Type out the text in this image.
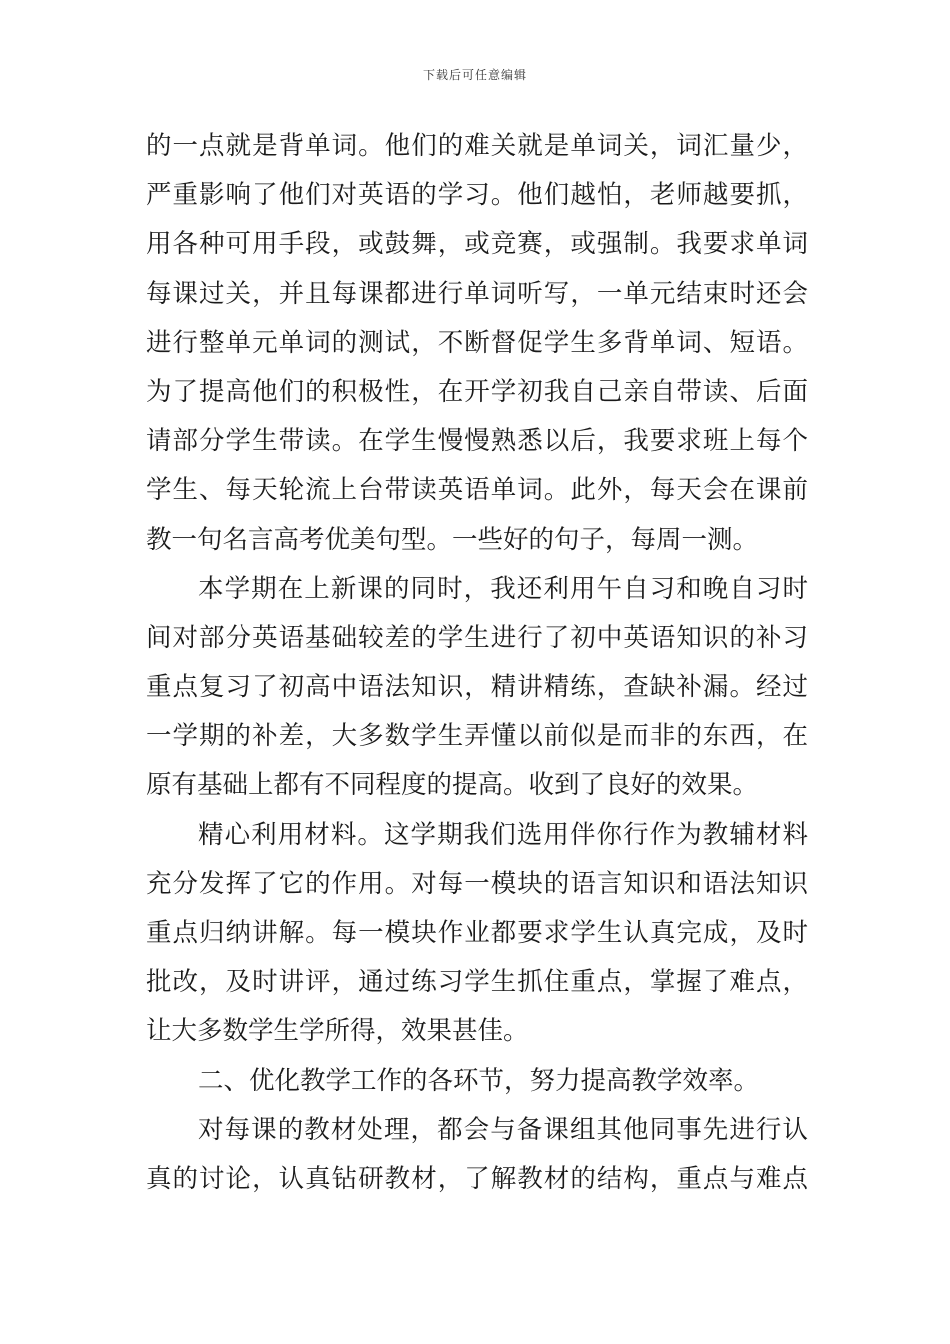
下载后可任意编辑
的一点就是背单词。他们的难关就是单词关，词汇量少，
严重影响了他们对英语的学习。他们越怕，老师越要抓，
用各种可用手段，或鼓舞，或竞赛，或强制。我要求单词
每课过关，并且每课都进行单词听写，一单元结束时还会
进行整单元单词的测试，不断督促学生多背单词、短语。
为了提高他们的积极性，在开学初我自己亲自带读、后面
请部分学生带读。在学生慢慢熟悉以后，我要求班上每个
学生、每天轮流上台带读英语单词。此外，每天会在课前
教一句名言高考优美句型。一些好的句子，每周一测。
本学期在上新课的同时，我还利用午自习和晚自习时
间对部分英语基础较差的学生进行了初中英语知识的补习
重点复习了初高中语法知识，精讲精练，查缺补漏。经过
一学期的补差，大多数学生弄懂以前似是而非的东西，在
原有基础上都有不同程度的提高。收到了良好的效果。
精心利用材料。这学期我们选用伴你行作为教辅材料
充分发挥了它的作用。对每一模块的语言知识和语法知识
重点归纳讲解。每一模块作业都要求学生认真完成，及时
批改，及时讲评，通过练习学生抓住重点，掌握了难点，
让大多数学生学所得，效果甚佳。
二、优化教学工作的各环节，努力提高教学效率。
对每课的教材处理，都会与备课组其他同事先进行认
真的讨论，认真钻研教材，了解教材的结构，重点与难点
